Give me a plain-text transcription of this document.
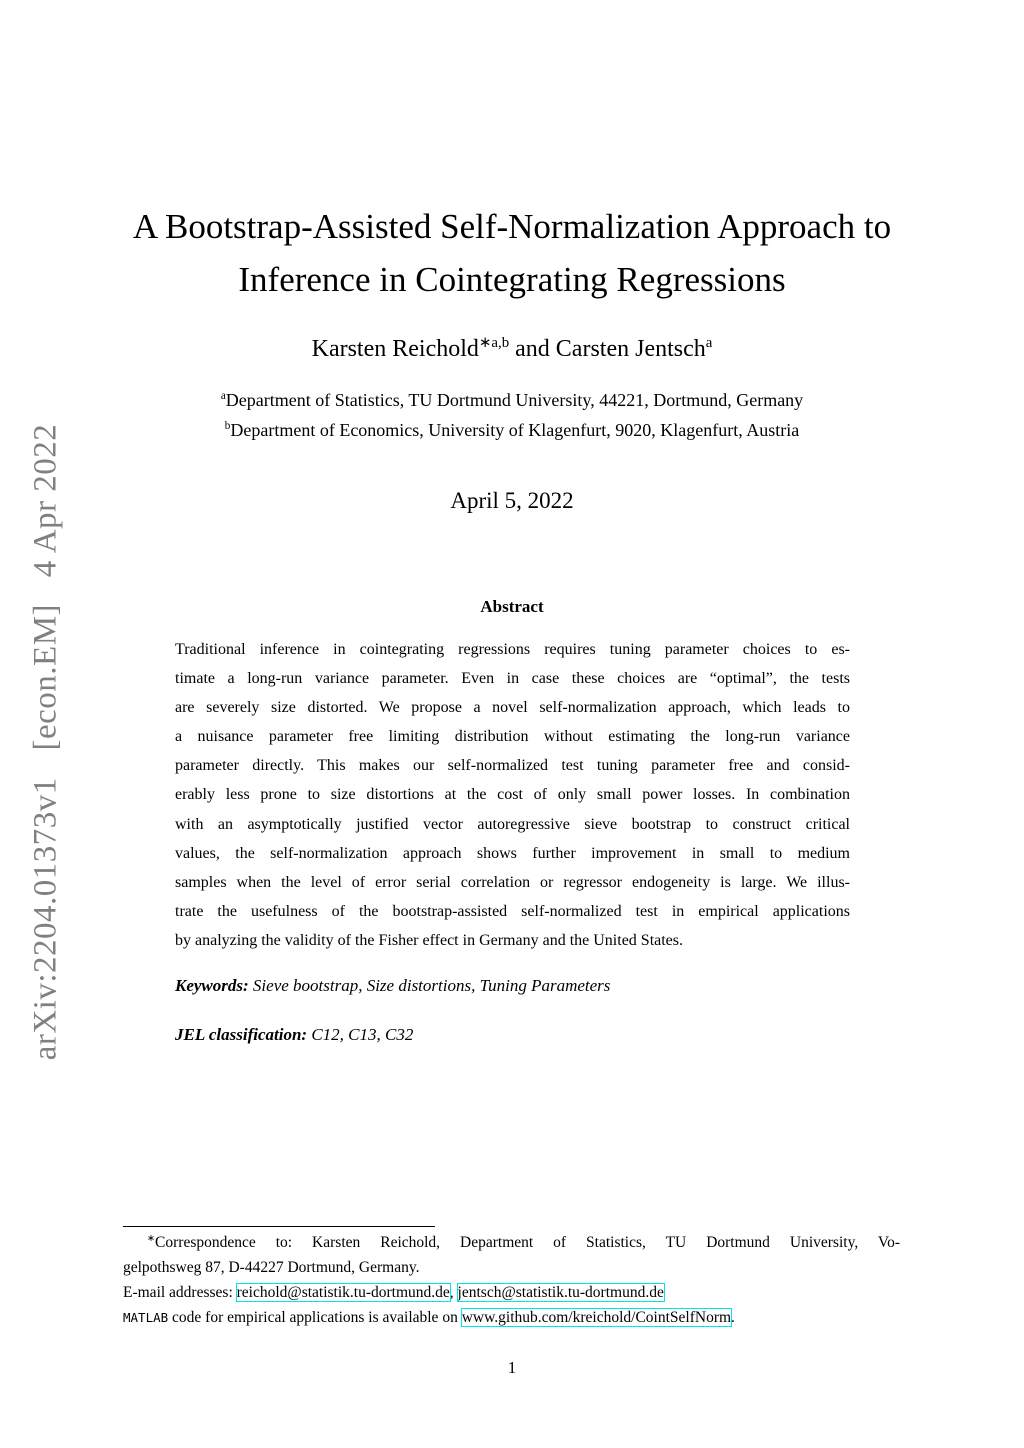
arXiv:2204.01373v1 [econ.EM] 4 Apr 2022
A Bootstrap-Assisted Self-Normalization Approach to
Inference in Cointegrating Regressions
Karsten Reichold$^{∗a,b}$ and Carsten Jentsch$^a$
$^a$Department of Statistics, TU Dortmund University, 44221, Dortmund, Germany
$^b$Department of Economics, University of Klagenfurt, 9020, Klagenfurt, Austria
April 5, 2022
Abstract
Traditional inference in cointegrating regressions requires tuning parameter choices to es-
timate a long-run variance parameter. Even in case these choices are “optimal”, the tests
are severely size distorted. We propose a novel self-normalization approach, which leads to
a nuisance parameter free limiting distribution without estimating the long-run variance
parameter directly. This makes our self-normalized test tuning parameter free and consid-
erably less prone to size distortions at the cost of only small power losses. In combination
with an asymptotically justified vector autoregressive sieve bootstrap to construct critical
values, the self-normalization approach shows further improvement in small to medium
samples when the level of error serial correlation or regressor endogeneity is large. We illus-
trate the usefulness of the bootstrap-assisted self-normalized test in empirical applications
by analyzing the validity of the Fisher effect in Germany and the United States.
Keywords: Sieve bootstrap, Size distortions, Tuning Parameters
JEL classification: C12, C13, C32
∗Correspondence to: Karsten Reichold, Department of Statistics, TU Dortmund University, Vo-
gelpothsweg 87, D-44227 Dortmund, Germany.
E-mail addresses: reichold@statistik.tu-dortmund.de, jentsch@statistik.tu-dortmund.de
MATLAB code for empirical applications is available on www.github.com/kreichold/CointSelfNorm.
1
